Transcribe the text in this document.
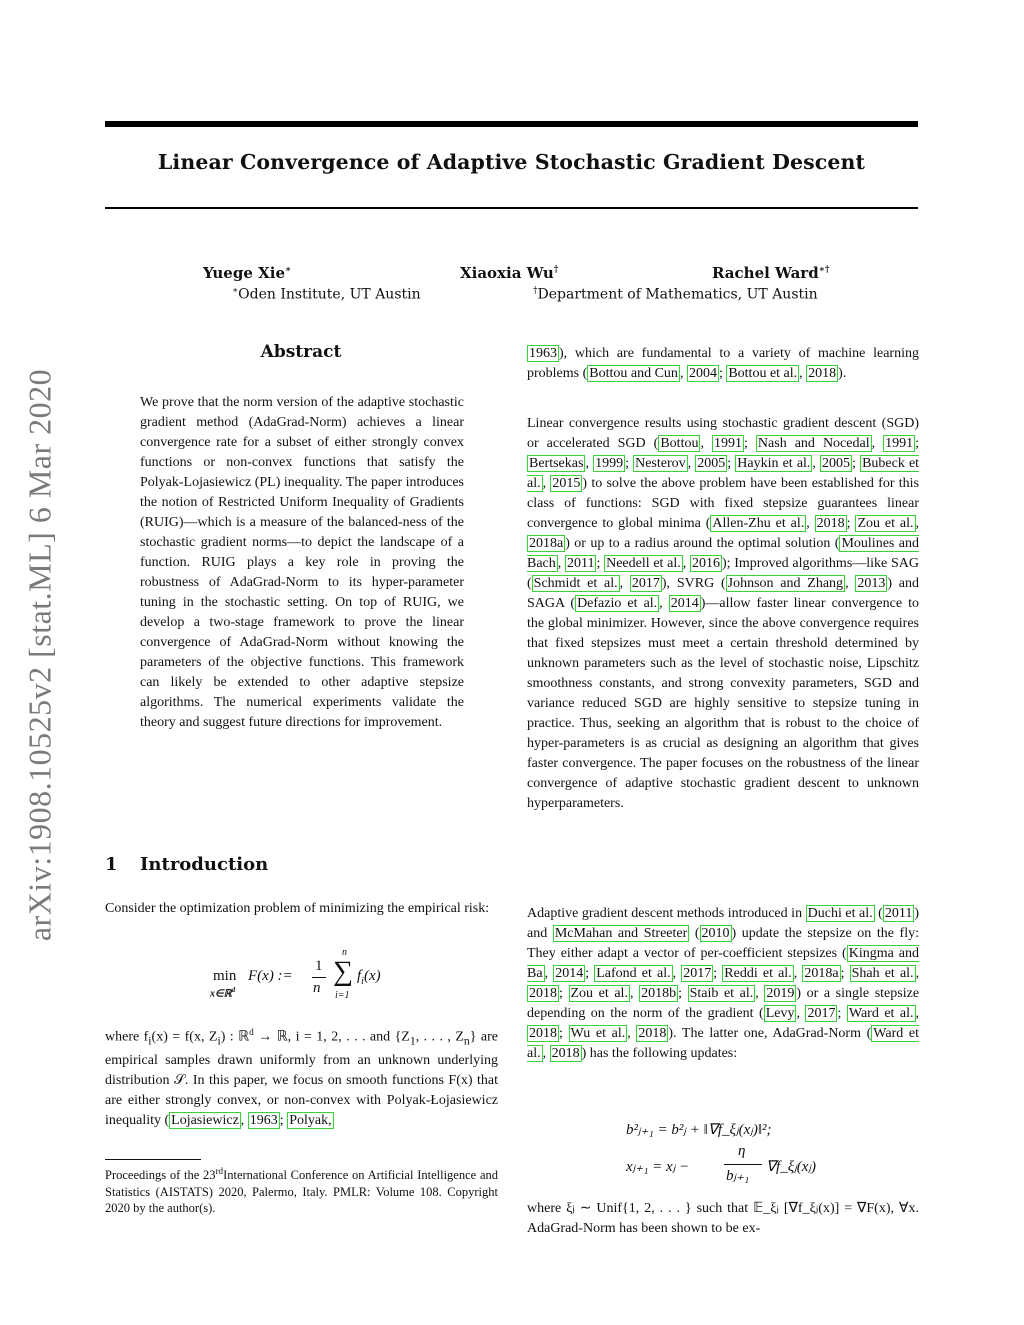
arXiv:1908.10525v2 [stat.ML] 6 Mar 2020
Linear Convergence of Adaptive Stochastic Gradient Descent
Yuege Xie∗	Xiaoxia Wu†	Rachel Ward∗†
∗Oden Institute, UT Austin	†Department of Mathematics, UT Austin
Abstract

We prove that the norm version of the adaptive stochastic gradient method (AdaGrad-Norm) achieves a linear convergence rate for a subset of either strongly convex functions or non-convex functions that satisfy the Polyak-Lojasiewicz (PL) inequality. The paper introduces the notion of Restricted Uniform Inequality of Gradients (RUIG)—which is a measure of the balanced-ness of the stochastic gradient norms—to depict the landscape of a function. RUIG plays a key role in proving the robustness of AdaGrad-Norm to its hyper-parameter tuning in the stochastic setting. On top of RUIG, we develop a two-stage framework to prove the linear convergence of AdaGrad-Norm without knowing the parameters of the objective functions. This framework can likely be extended to other adaptive stepsize algorithms. The numerical experiments validate the theory and suggest future directions for improvement.

1 Introduction

Consider the optimization problem of minimizing the empirical risk:

min
x∈ℝ$^d$
F(x) :=
1
n
n
∑
i=1
$f_i(x)$

where $f_i(x) = f(x$, $Z_i$) : ℝ$^d$ → ℝ, i = 1, 2, . . . and {$Z_1$, . . . , $Z_n$} are empirical samples drawn uniformly from an unknown underlying distribution 𝒮. In this paper, we focus on smooth functions F(x) that are either strongly convex, or non-convex with Polyak-Łojasiewicz inequality ( Lojasiewicz , 1963 ; Polyak,

Proceedings of the 23rdInternational Conference on Artificial Intelligence and Statistics (AISTATS) 2020, Palermo, Italy. PMLR: Volume 108. Copyright 2020 by the author(s).

1963 ), which are fundamental to a variety of machine learning problems ( Bottou and Cun , 2004 ; Bottou et al. , 2018 ).

Linear convergence results using stochastic gradient descent (SGD) or accelerated SGD ( Bottou , 1991 ; Nash and Nocedal , 1991 ; Bertsekas , 1999 ; Nesterov , 2005 ; Haykin et al. , 2005 ; Bubeck et al. , 2015 ) to solve the above problem have been established for this class of functions: SGD with fixed stepsize guarantees linear convergence to global minima ( Allen-Zhu et al. , 2018 ; Zou et al. , 2018a ) or up to a radius around the optimal solution ( Moulines and Bach , 2011 ; Needell et al. , 2016 ); Improved algorithms—like SAG ( Schmidt et al. , 2017 ), SVRG ( Johnson and Zhang , 2013 ) and SAGA ( Defazio et al. , 2014 )—allow faster linear convergence to the global minimizer. However, since the above convergence requires that fixed stepsizes must meet a certain threshold determined by unknown parameters such as the level of stochastic noise, Lipschitz smoothness constants, and strong convexity parameters, SGD and variance reduced SGD are highly sensitive to stepsize tuning in practice. Thus, seeking an algorithm that is robust to the choice of hyper-parameters is as crucial as designing an algorithm that gives faster convergence. The paper focuses on the robustness of the linear convergence of adaptive stochastic gradient descent to unknown hyperparameters.

Adaptive gradient descent methods introduced in Duchi et al. ( 2011 ) and McMahan and Streeter ( 2010 ) update the stepsize on the fly: They either adapt a vector of per-coefficient stepsizes ( Kingma and Ba , 2014 ; Lafond et al. , 2017 ; Reddi et al. , 2018a ; Shah et al. , 2018 ; Zou et al. , 2018b ; Staib et al. , 2019 ) or a single stepsize depending on the norm of the gradient ( Levy , 2017 ; Ward et al. , 2018 ; Wu et al. , 2018 ). The latter one, AdaGrad-Norm ( Ward et al. , 2018 ) has the following updates:

b²ⱼ₊₁ = b²ⱼ + ‖∇f_ξⱼ(xⱼ)‖²;
xⱼ₊₁ = xⱼ −
η
bⱼ₊₁
∇f_ξⱼ(xⱼ)

where ξⱼ ∼ Unif{1, 2, . . . } such that 𝔼_ξⱼ [∇f_ξⱼ(x)] = ∇F(x), ∀x. AdaGrad-Norm has been shown to be ex-
